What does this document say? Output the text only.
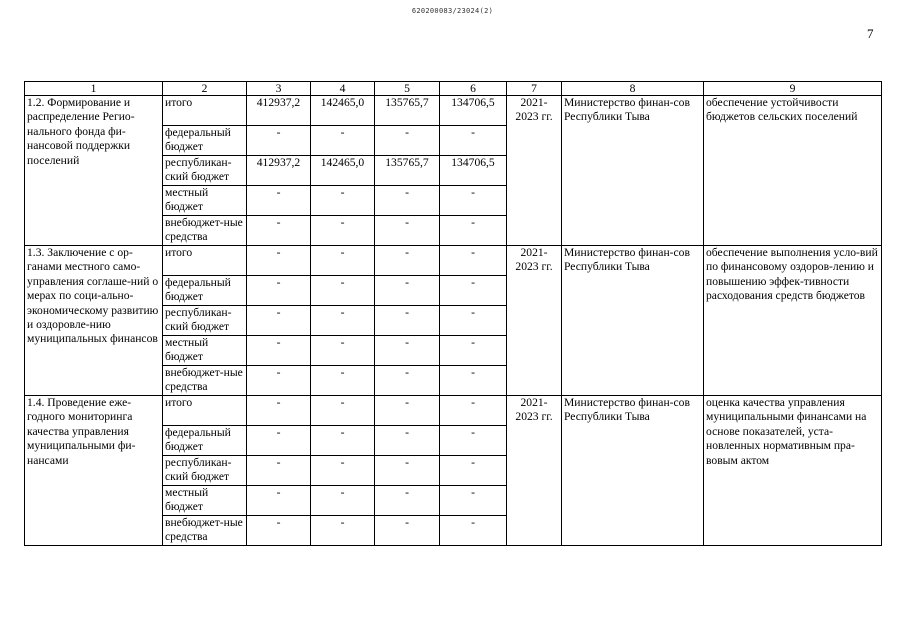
620200083/23024(2)
7
1	2	3	4	5	6	7	8	9
1.2. Формирование и распределение Регио-нального фонда фи-нансовой поддержки поселений	итого	412937,2	142465,0	135765,7	134706,5	2021-2023 гг.	Министерство финан-сов Республики Тыва	обеспечение устойчивости бюджетов сельских поселений
	федеральный бюджет	-	-	-	-			
	республикан-ский бюджет	412937,2	142465,0	135765,7	134706,5			
	местный бюджет	-	-	-	-			
	внебюджет-ные средства	-	-	-	-			
1.3. Заключение с ор-ганами местного само-управления соглаше-ний о мерах по соци-ально-экономическому развитию и оздоровле-нию муниципальных финансов	итого	-	-	-	-	2021-2023 гг.	Министерство финан-сов Республики Тыва	обеспечение выполнения усло-вий по финансовому оздоров-лению и повышению эффек-тивности расходования средств бюджетов
	федеральный бюджет	-	-	-	-			
	республикан-ский бюджет	-	-	-	-			
	местный бюджет	-	-	-	-			
	внебюджет-ные средства	-	-	-	-			
1.4. Проведение еже-годного мониторинга качества управления муниципальными фи-нансами	итого	-	-	-	-	2021-2023 гг.	Министерство финан-сов Республики Тыва	оценка качества управления муниципальными финансами на основе показателей, уста-новленных нормативным пра-вовым актом
	федеральный бюджет	-	-	-	-			
	республикан-ский бюджет	-	-	-	-			
	местный бюджет	-	-	-	-			
	внебюджет-ные средства	-	-	-	-			
